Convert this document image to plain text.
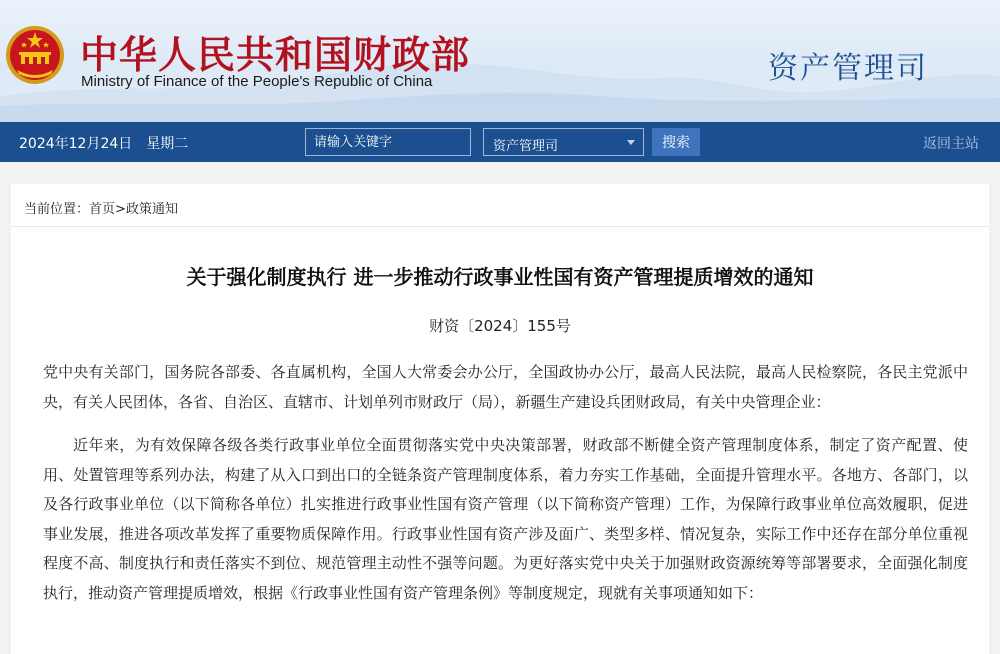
中华人民共和国财政部
Ministry of Finance of the People's Republic of China	资产管理司
2024年12月24日　星期二
请输入关键字	资产管理司	搜索	返回主站
当前位置：首页>政策通知
关于强化制度执行 进一步推动行政事业性国有资产管理提质增效的通知
财资〔2024〕155号

党中央有关部门，国务院各部委、各直属机构，全国人大常委会办公厅，全国政协办公厅，最高人民法院，最高人民检察院，各民主党派中央，有关人民团体，各省、自治区、直辖市、计划单列市财政厅（局），新疆生产建设兵团财政局，有关中央管理企业：

近年来，为有效保障各级各类行政事业单位全面贯彻落实党中央决策部署，财政部不断健全资产管理制度体系，制定了资产配置、使用、处置管理等系列办法，构建了从入口到出口的全链条资产管理制度体系，着力夯实工作基础，全面提升管理水平。各地方、各部门，以及各行政事业单位（以下简称各单位）扎实推进行政事业性国有资产管理（以下简称资产管理）工作，为保障行政事业单位高效履职，促进事业发展，推进各项改革发挥了重要物质保障作用。行政事业性国有资产涉及面广、类型多样、情况复杂，实际工作中还存在部分单位重视程度不高、制度执行和责任落实不到位、规范管理主动性不强等问题。为更好落实党中央关于加强财政资源统筹等部署要求，全面强化制度执行，推动资产管理提质增效，根据《行政事业性国有资产管理条例》等制度规定，现就有关事项通知如下：
